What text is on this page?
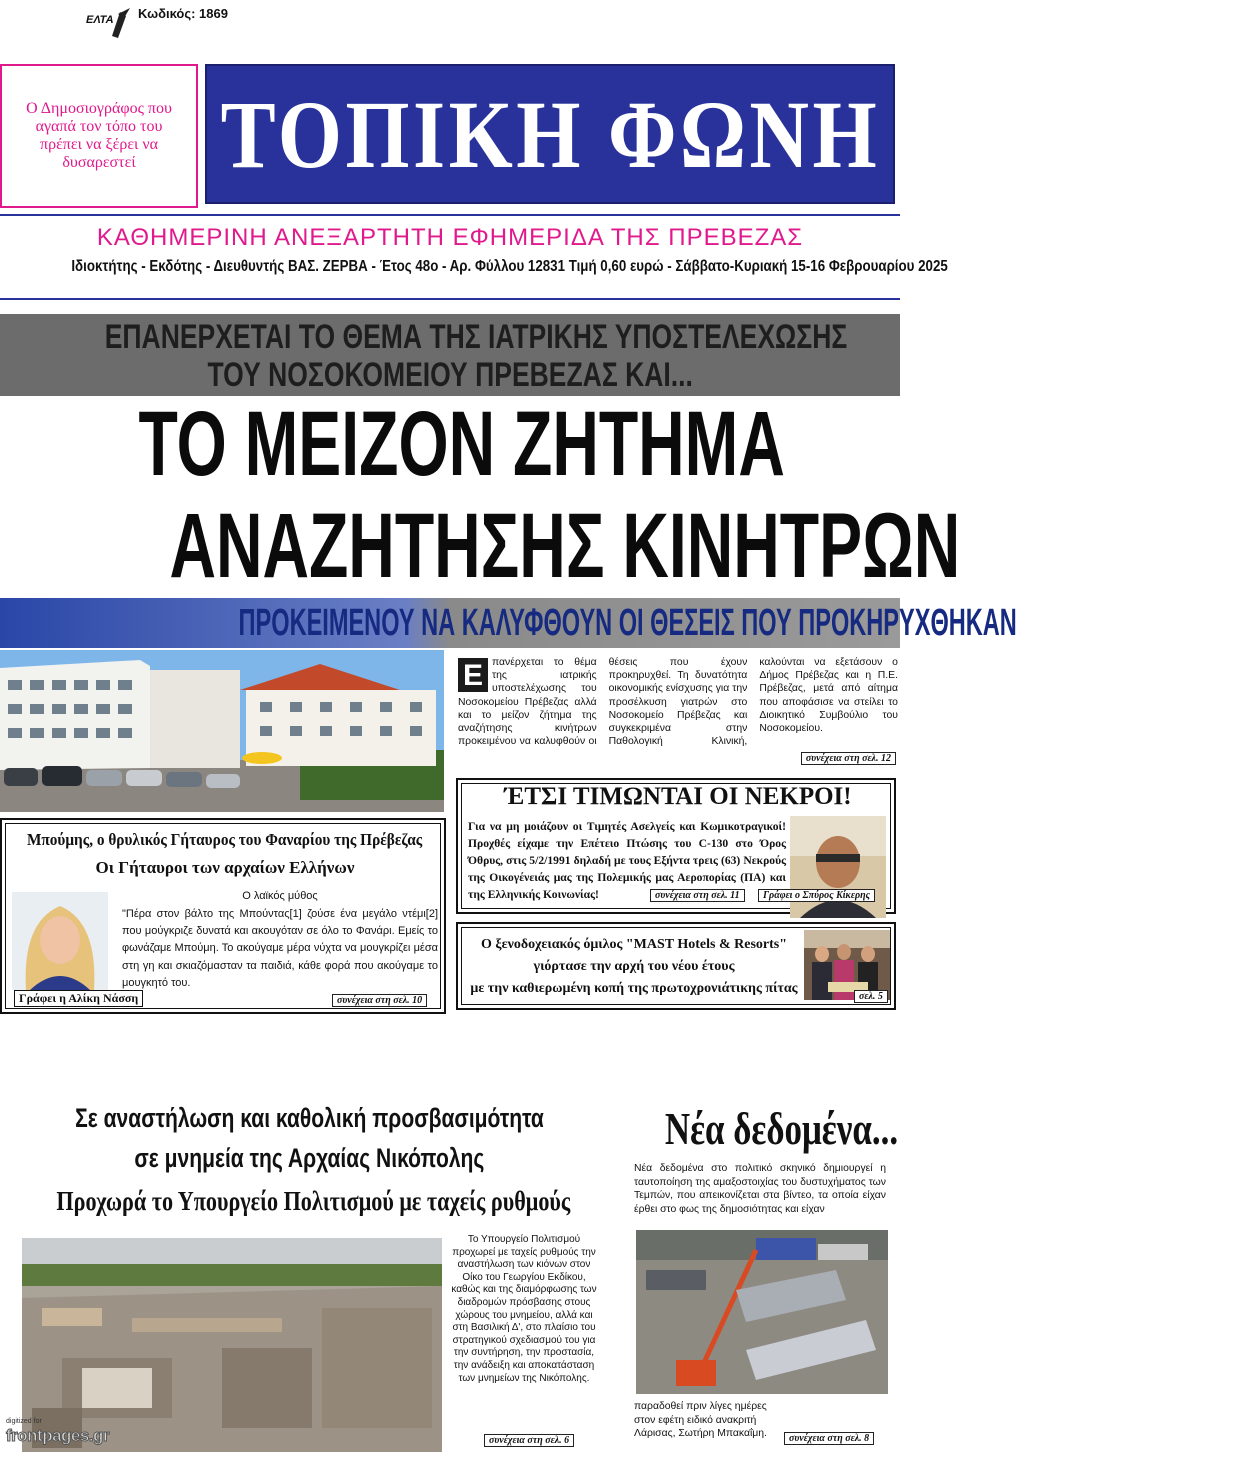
ΕΛΤΑ Κωδικός: 1869
Ο Δημοσιογράφος που αγαπά τον τόπο του πρέπει να ξέρει να δυσαρεστεί ΤΟΠΙΚΗ ΦΩΝΗ
ΚΑΘΗΜΕΡΙΝΗ ΑΝΕΞΑΡΤΗΤΗ ΕΦΗΜΕΡΙΔΑ ΤΗΣ ΠΡΕΒΕΖΑΣ
Ιδιοκτήτης - Εκδότης - Διευθυντής ΒΑΣ. ΖΕΡΒΑ - Έτος 48ο - Αρ. Φύλλου 12831 Τιμή 0,60 ευρώ - Σάββατο-Κυριακή 15-16 Φεβρουαρίου 2025
ΕΠΑΝΕΡΧΕΤΑΙ ΤΟ ΘΕΜΑ ΤΗΣ ΙΑΤΡΙΚΗΣ ΥΠΟΣΤΕΛΕΧΩΣΗΣ
ΤΟΥ ΝΟΣΟΚΟΜΕΙΟΥ ΠΡΕΒΕΖΑΣ ΚΑΙ...
ΤΟ ΜΕΙΖΟΝ ΖΗΤΗΜΑ
ΑΝΑΖΗΤΗΣΗΣ ΚΙΝΗΤΡΩΝ
ΠΡΟΚΕΙΜΕΝΟΥ ΝΑ ΚΑΛΥΦΘΟΥΝ ΟΙ ΘΕΣΕΙΣ ΠΟΥ ΠΡΟΚΗΡΥΧΘΗΚΑΝ
Ε πανέρχεται το θέμα της ιατρικής υποστελέχωσης του Νοσοκομείου Πρέβεζας αλλά και το μείζον ζήτημα της αναζήτησης κινήτρων προκειμένου να καλυφθούν οι θέσεις που έχουν προκηρυχθεί. Τη δυνατότητα οικονομικής ενίσχυσης για την προσέλκυση γιατρών στο Νοσοκομείο Πρέβεζας και συγκεκριμένα στην Παθολογική Κλινική, καλούνται να εξετάσουν ο Δήμος Πρέβεζας και η Π.Ε. Πρέβεζας, μετά από αίτημα που αποφάσισε να στείλει το Διοικητικό Συμβούλιο του Νοσοκομείου.
συνέχεια στη σελ. 12
ΈΤΣΙ ΤΙΜΩΝΤΑΙ ΟΙ ΝΕΚΡΟΙ!
Για να μη μοιάζουν οι Τιμητές Ασελγείς και Κωμικοτραγικοί! Προχθές είχαμε την Επέτειο Πτώσης του C-130 στο Όρος Όθρυς, στις 5/2/1991 δηλαδή με τους Εξήντα τρεις (63) Νεκρούς της Οικογένειάς μας της Πολεμικής μας Αεροπορίας (ΠΑ) και της Ελληνικής Κοινωνίας!	συνέχεια στη σελ. 11	Γράφει ο Σπύρος Κίκερης
Ο ξενοδοχειακός όμιλος "MAST Hotels & Resorts"
γιόρτασε την αρχή του νέου έτους
με την καθιερωμένη κοπή της πρωτοχρονιάτικης πίτας
σελ. 5
Μπούμης, ο θρυλικός Γήταυρος του Φαναρίου της Πρέβεζας
Οι Γήταυροι των αρχαίων Ελλήνων
Ο λαϊκός μύθος
"Πέρα στον βάλτο της Μπούντας[1] ζούσε ένα μεγάλο ντέμι[2] που μούγκριζε δυνατά και ακουγόταν σε όλο το Φανάρι. Εμείς το φωνάζαμε Μπούμη. Το ακούγαμε μέρα νύχτα να μουγκρίζει μέσα στη γη και σκιαζόμασταν τα παιδιά, κάθε φορά που ακούγαμε το μουγκητό του.
Γράφει η Αλίκη Νάσση	συνέχεια στη σελ. 10
Σε αναστήλωση και καθολική προσβασιμότητα
σε μνημεία της Αρχαίας Νικόπολης
Προχωρά το Υπουργείο Πολιτισμού με ταχείς ρυθμούς
Το Υπουργείο Πολιτισμού προχωρεί με ταχείς ρυθμούς την αναστήλωση των κιόνων στον Οίκο του Γεωργίου Εκδίκου, καθώς και της διαμόρφωσης των διαδρομών πρόσβασης στους χώρους του μνημείου, αλλά και στη Βασιλική Δ', στο πλαίσιο του στρατηγικού σχεδιασμού του για την συντήρηση, την προστασία, την ανάδειξη και αποκατάσταση των μνημείων της Νικόπολης.
συνέχεια στη σελ. 6
Νέα δεδομένα...
Νέα δεδομένα στο πολιτικό σκηνικό δημιουργεί η ταυτοποίηση της αμαξοστοιχίας του δυστυχήματος των Τεμπών, που απεικονίζεται στα βίντεο, τα οποία είχαν έρθει στο φως της δημοσιότητας και είχαν
παραδοθεί πριν λίγες ημέρες στον εφέτη ειδικό ανακριτή Λάρισας, Σωτήρη Μπακαΐμη.	συνέχεια στη σελ. 8
digitized for
frontpages.gr
